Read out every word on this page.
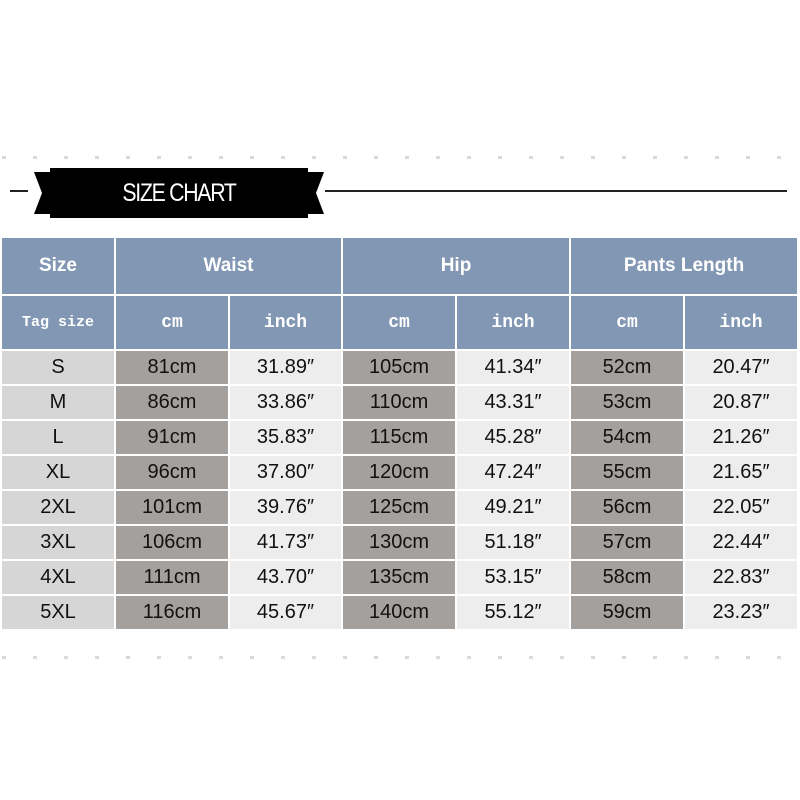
SIZE CHART
Size	Waist		Hip		Pants Length	
Tag size	cm	inch	cm	inch	cm	inch
S	81cm	31.89″	105cm	41.34″	52cm	20.47″
M	86cm	33.86″	110cm	43.31″	53cm	20.87″
L	91cm	35.83″	115cm	45.28″	54cm	21.26″
XL	96cm	37.80″	120cm	47.24″	55cm	21.65″
2XL	101cm	39.76″	125cm	49.21″	56cm	22.05″
3XL	106cm	41.73″	130cm	51.18″	57cm	22.44″
4XL	111cm	43.70″	135cm	53.15″	58cm	22.83″
5XL	116cm	45.67″	140cm	55.12″	59cm	23.23″
